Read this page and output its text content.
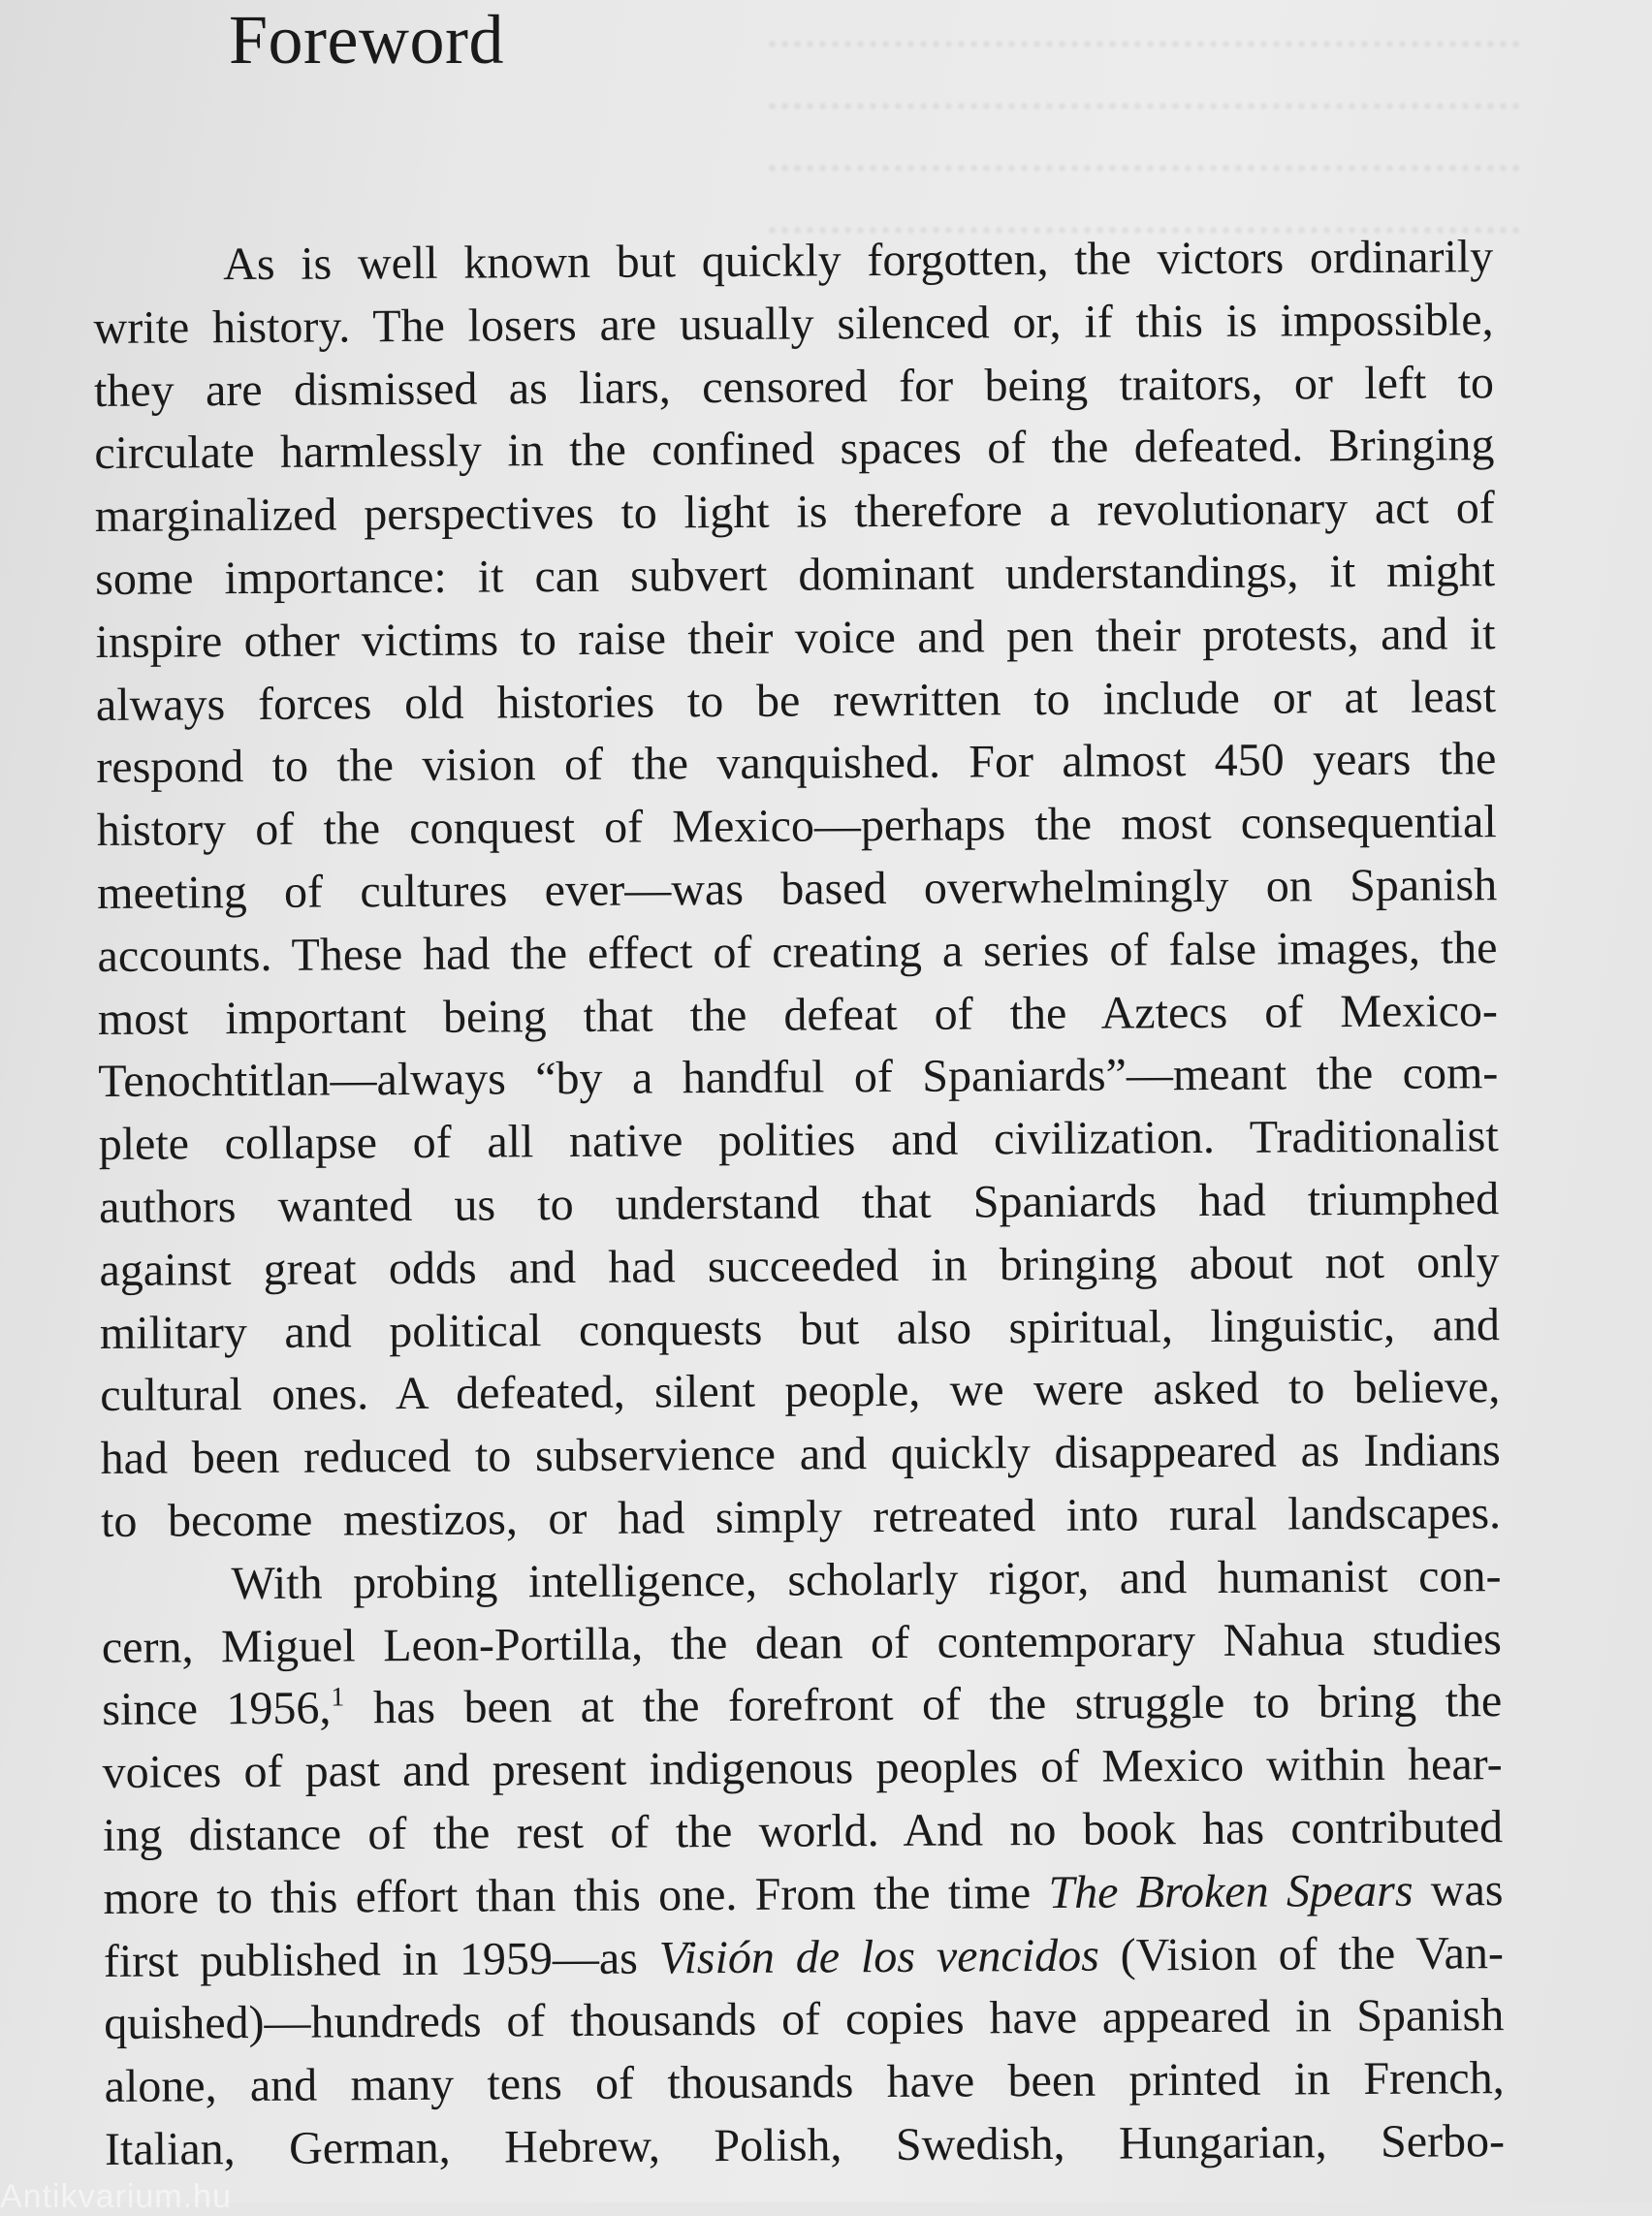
............................................................
............................................................
............................................................
............................................................
Foreword
As is well known but quickly forgotten, the victors ordinarily
write history. The losers are usually silenced or, if this is impossible,
they are dismissed as liars, censored for being traitors, or left to
circulate harmlessly in the confined spaces of the defeated. Bringing
marginalized perspectives to light is therefore a revolutionary act of
some importance: it can subvert dominant understandings, it might
inspire other victims to raise their voice and pen their protests, and it
always forces old histories to be rewritten to include or at least
respond to the vision of the vanquished. For almost 450 years the
history of the conquest of Mexico—perhaps the most consequential
meeting of cultures ever—was based overwhelmingly on Spanish
accounts. These had the effect of creating a series of false images, the
most important being that the defeat of the Aztecs of Mexico-
Tenochtitlan—always “by a handful of Spaniards”—meant the com-
plete collapse of all native polities and civilization. Traditionalist
authors wanted us to understand that Spaniards had triumphed
against great odds and had succeeded in bringing about not only
military and political conquests but also spiritual, linguistic, and
cultural ones. A defeated, silent people, we were asked to believe,
had been reduced to subservience and quickly disappeared as Indians
to become mestizos, or had simply retreated into rural landscapes.
With probing intelligence, scholarly rigor, and humanist con-
cern, Miguel Leon-Portilla, the dean of contemporary Nahua studies
since 1956,$^1$ has been at the forefront of the struggle to bring the
voices of past and present indigenous peoples of Mexico within hear-
ing distance of the rest of the world. And no book has contributed
more to this effort than this one. From the time The Broken Spears was
first published in 1959—as Visión de los vencidos (Vision of the Van-
quished)—hundreds of thousands of copies have appeared in Spanish
alone, and many tens of thousands have been printed in French,
Italian, German, Hebrew, Polish, Swedish, Hungarian, Serbo-
Antikvarium.hu
